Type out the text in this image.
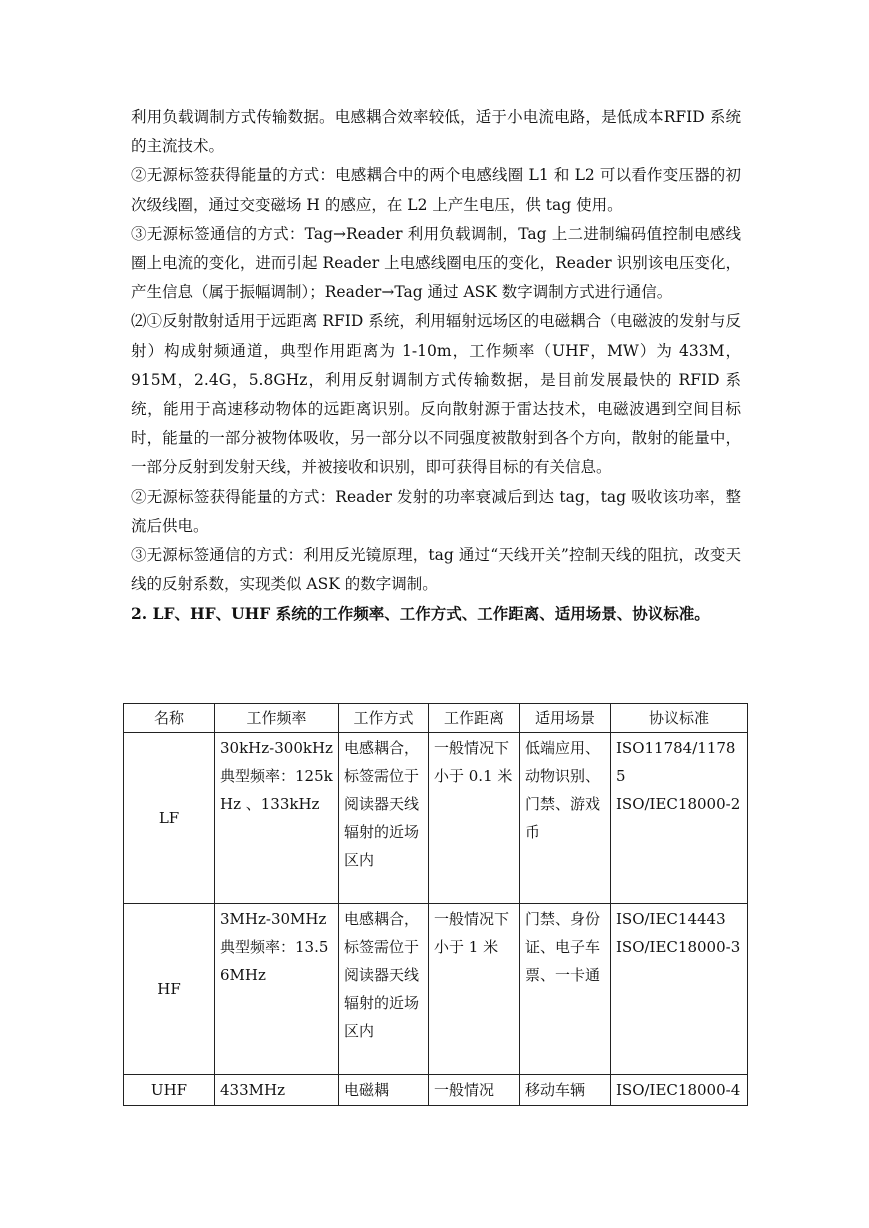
利用负载调制方式传输数据。电感耦合效率较低，适于小电流电路，是低成本RFID 系统的主流技术。

②无源标签获得能量的方式：电感耦合中的两个电感线圈 L1 和 L2 可以看作变压器的初次级线圈，通过交变磁场 H 的感应，在 L2 上产生电压，供 tag 使用。

③无源标签通信的方式：Tag→Reader 利用负载调制，Tag 上二进制编码值控制电感线圈上电流的变化，进而引起 Reader 上电感线圈电压的变化，Reader 识别该电压变化，产生信息（属于振幅调制）；Reader→Tag 通过 ASK 数字调制方式进行通信。

⑵①反射散射适用于远距离 RFID 系统，利用辐射远场区的电磁耦合（电磁波的发射与反射）构成射频通道，典型作用距离为 1-10m，工作频率（UHF，MW）为 433M，915M，2.4G，5.8GHz，利用反射调制方式传输数据，是目前发展最快的 RFID 系统，能用于高速移动物体的远距离识别。反向散射源于雷达技术，电磁波遇到空间目标时，能量的一部分被物体吸收，另一部分以不同强度被散射到各个方向，散射的能量中，一部分反射到发射天线，并被接收和识别，即可获得目标的有关信息。

②无源标签获得能量的方式：Reader 发射的功率衰减后到达 tag，tag 吸收该功率，整流后供电。

③无源标签通信的方式：利用反光镜原理，tag 通过“天线开关”控制天线的阻抗，改变天线的反射系数，实现类似 ASK 的数字调制。

2. LF、HF、UHF 系统的工作频率、工作方式、工作距离、适用场景、协议标准。

名称	工作频率	工作方式	工作距离	适用场景	协议标准
LF	30kHz-300kHz 典型频率：125kHz 、133kHz	电感耦合，标签需位于阅读器天线辐射的近场区内	一般情况下小于 0.1 米	低端应用、动物识别、门禁、游戏币	ISO11784/11785
ISO/IEC18000-2

HF	3MHz-30MHz 典型频率：13.56MHz	电感耦合，标签需位于阅读器天线辐射的近场区内	一般情况下小于 1 米	门禁、身份证、电子车票、一卡通	ISO/IEC14443
ISO/IEC18000-3

UHF	433MHz	电磁耦	一般情况	移动车辆	ISO/IEC18000-4
